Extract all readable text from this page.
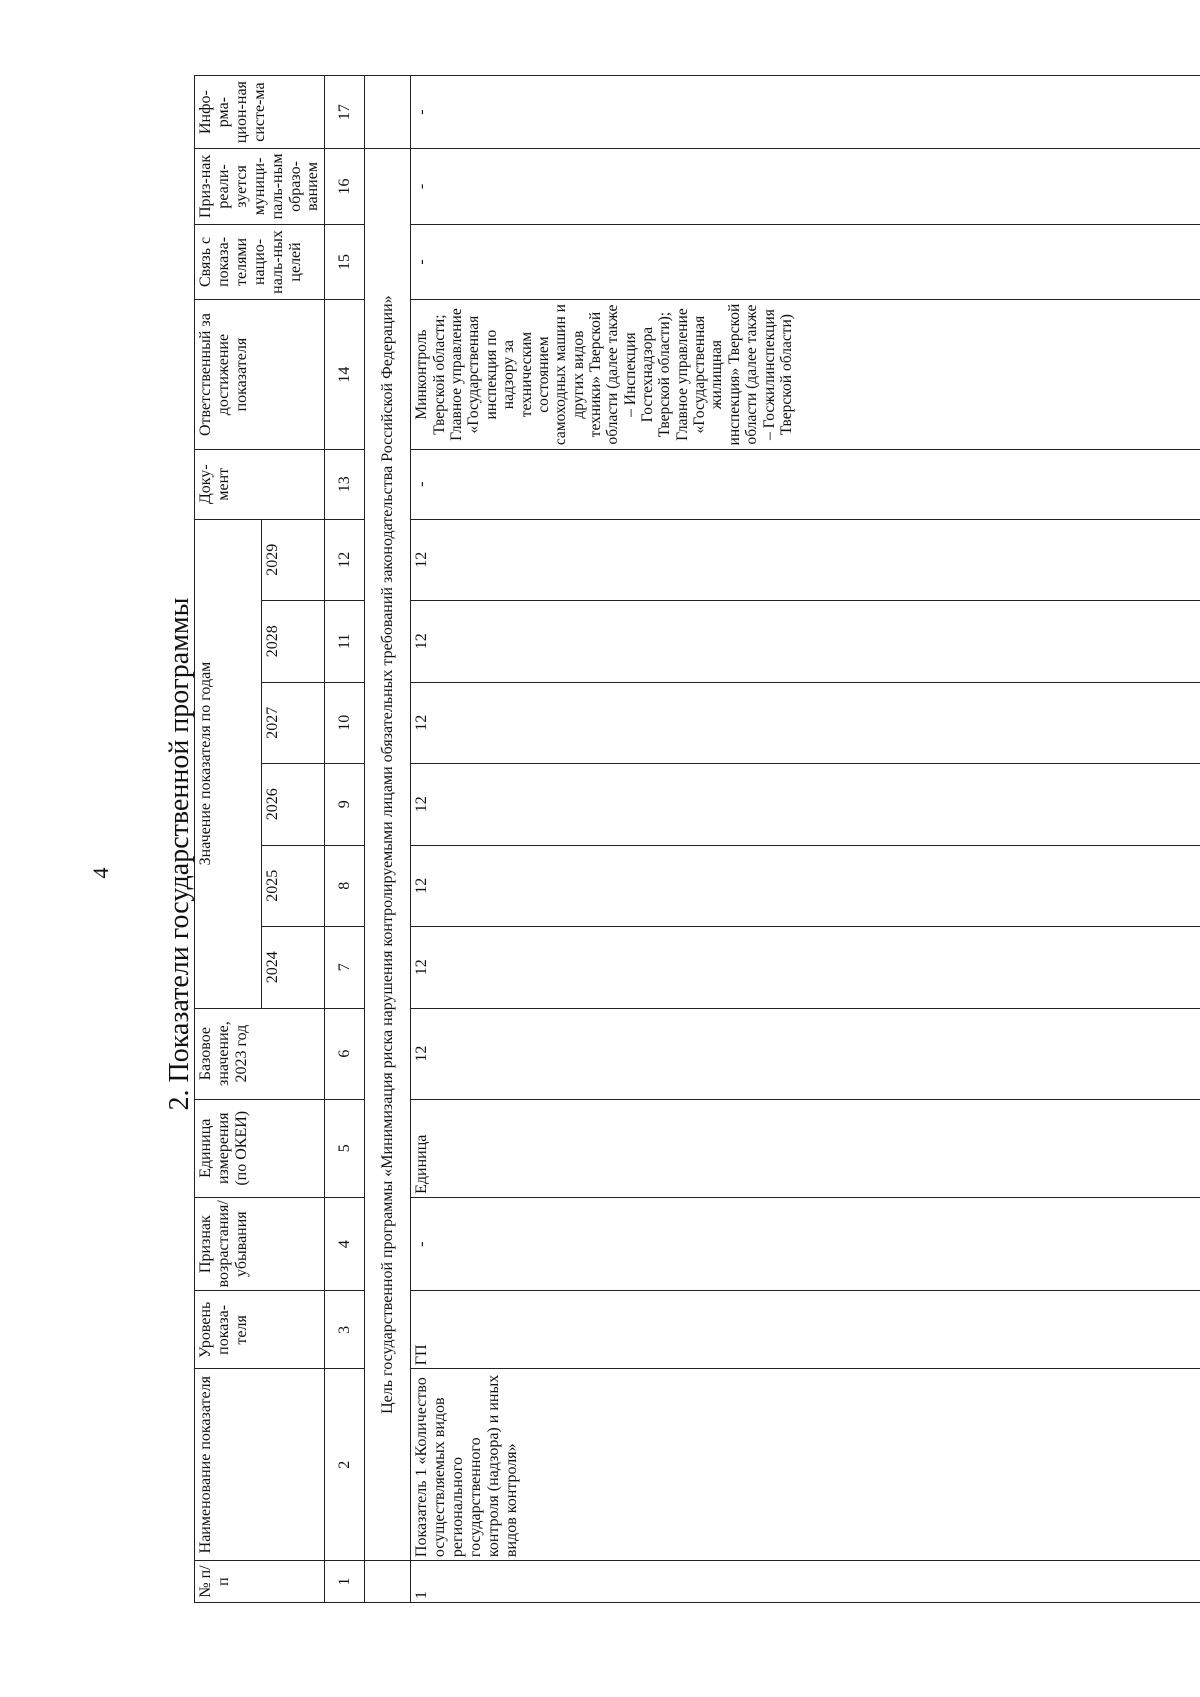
4 2. Показатели государственной программы
№ п/п	Наименование показателя	Уровень показа-теля	Признак возрастания/ убывания	Единица измерения (по ОКЕИ)	Базовое значение, 2023 год	Значение показателя по годам						Доку-мент	Ответственный за достижение показателя	Связь с показа-телями нацио-наль-ных целей	Приз-нак реали-зуется муници-паль-ным образо-ванием	Инфо-рма-цион-ная систе-ма
						2024	2025	2026	2027	2028	2029					
1	2	3	4	5	6	7	8	9	10	11	12	13	14	15	16	17
	Цель государственной программы «Минимизация риска нарушения контролируемыми лицами обязательных требований законодательства Российской Федерации»															
1	Показатель 1 «Количество осуществляемых видов регионального государственного контроля (надзора) и иных видов контроля»	ГП	-	Единица	12	12	12	12	12	12	12	-	Минконтроль Тверской области; Главное управление «Государственная инспекция по надзору за техническим состоянием самоходных машин и других видов техники» Тверской области (далее также – Инспекция Гостехнадзора Тверской области); Главное управление «Государственная жилищная инспекция» Тверской области (далее также – Госжилинспекция Тверской области)	-	-	-
